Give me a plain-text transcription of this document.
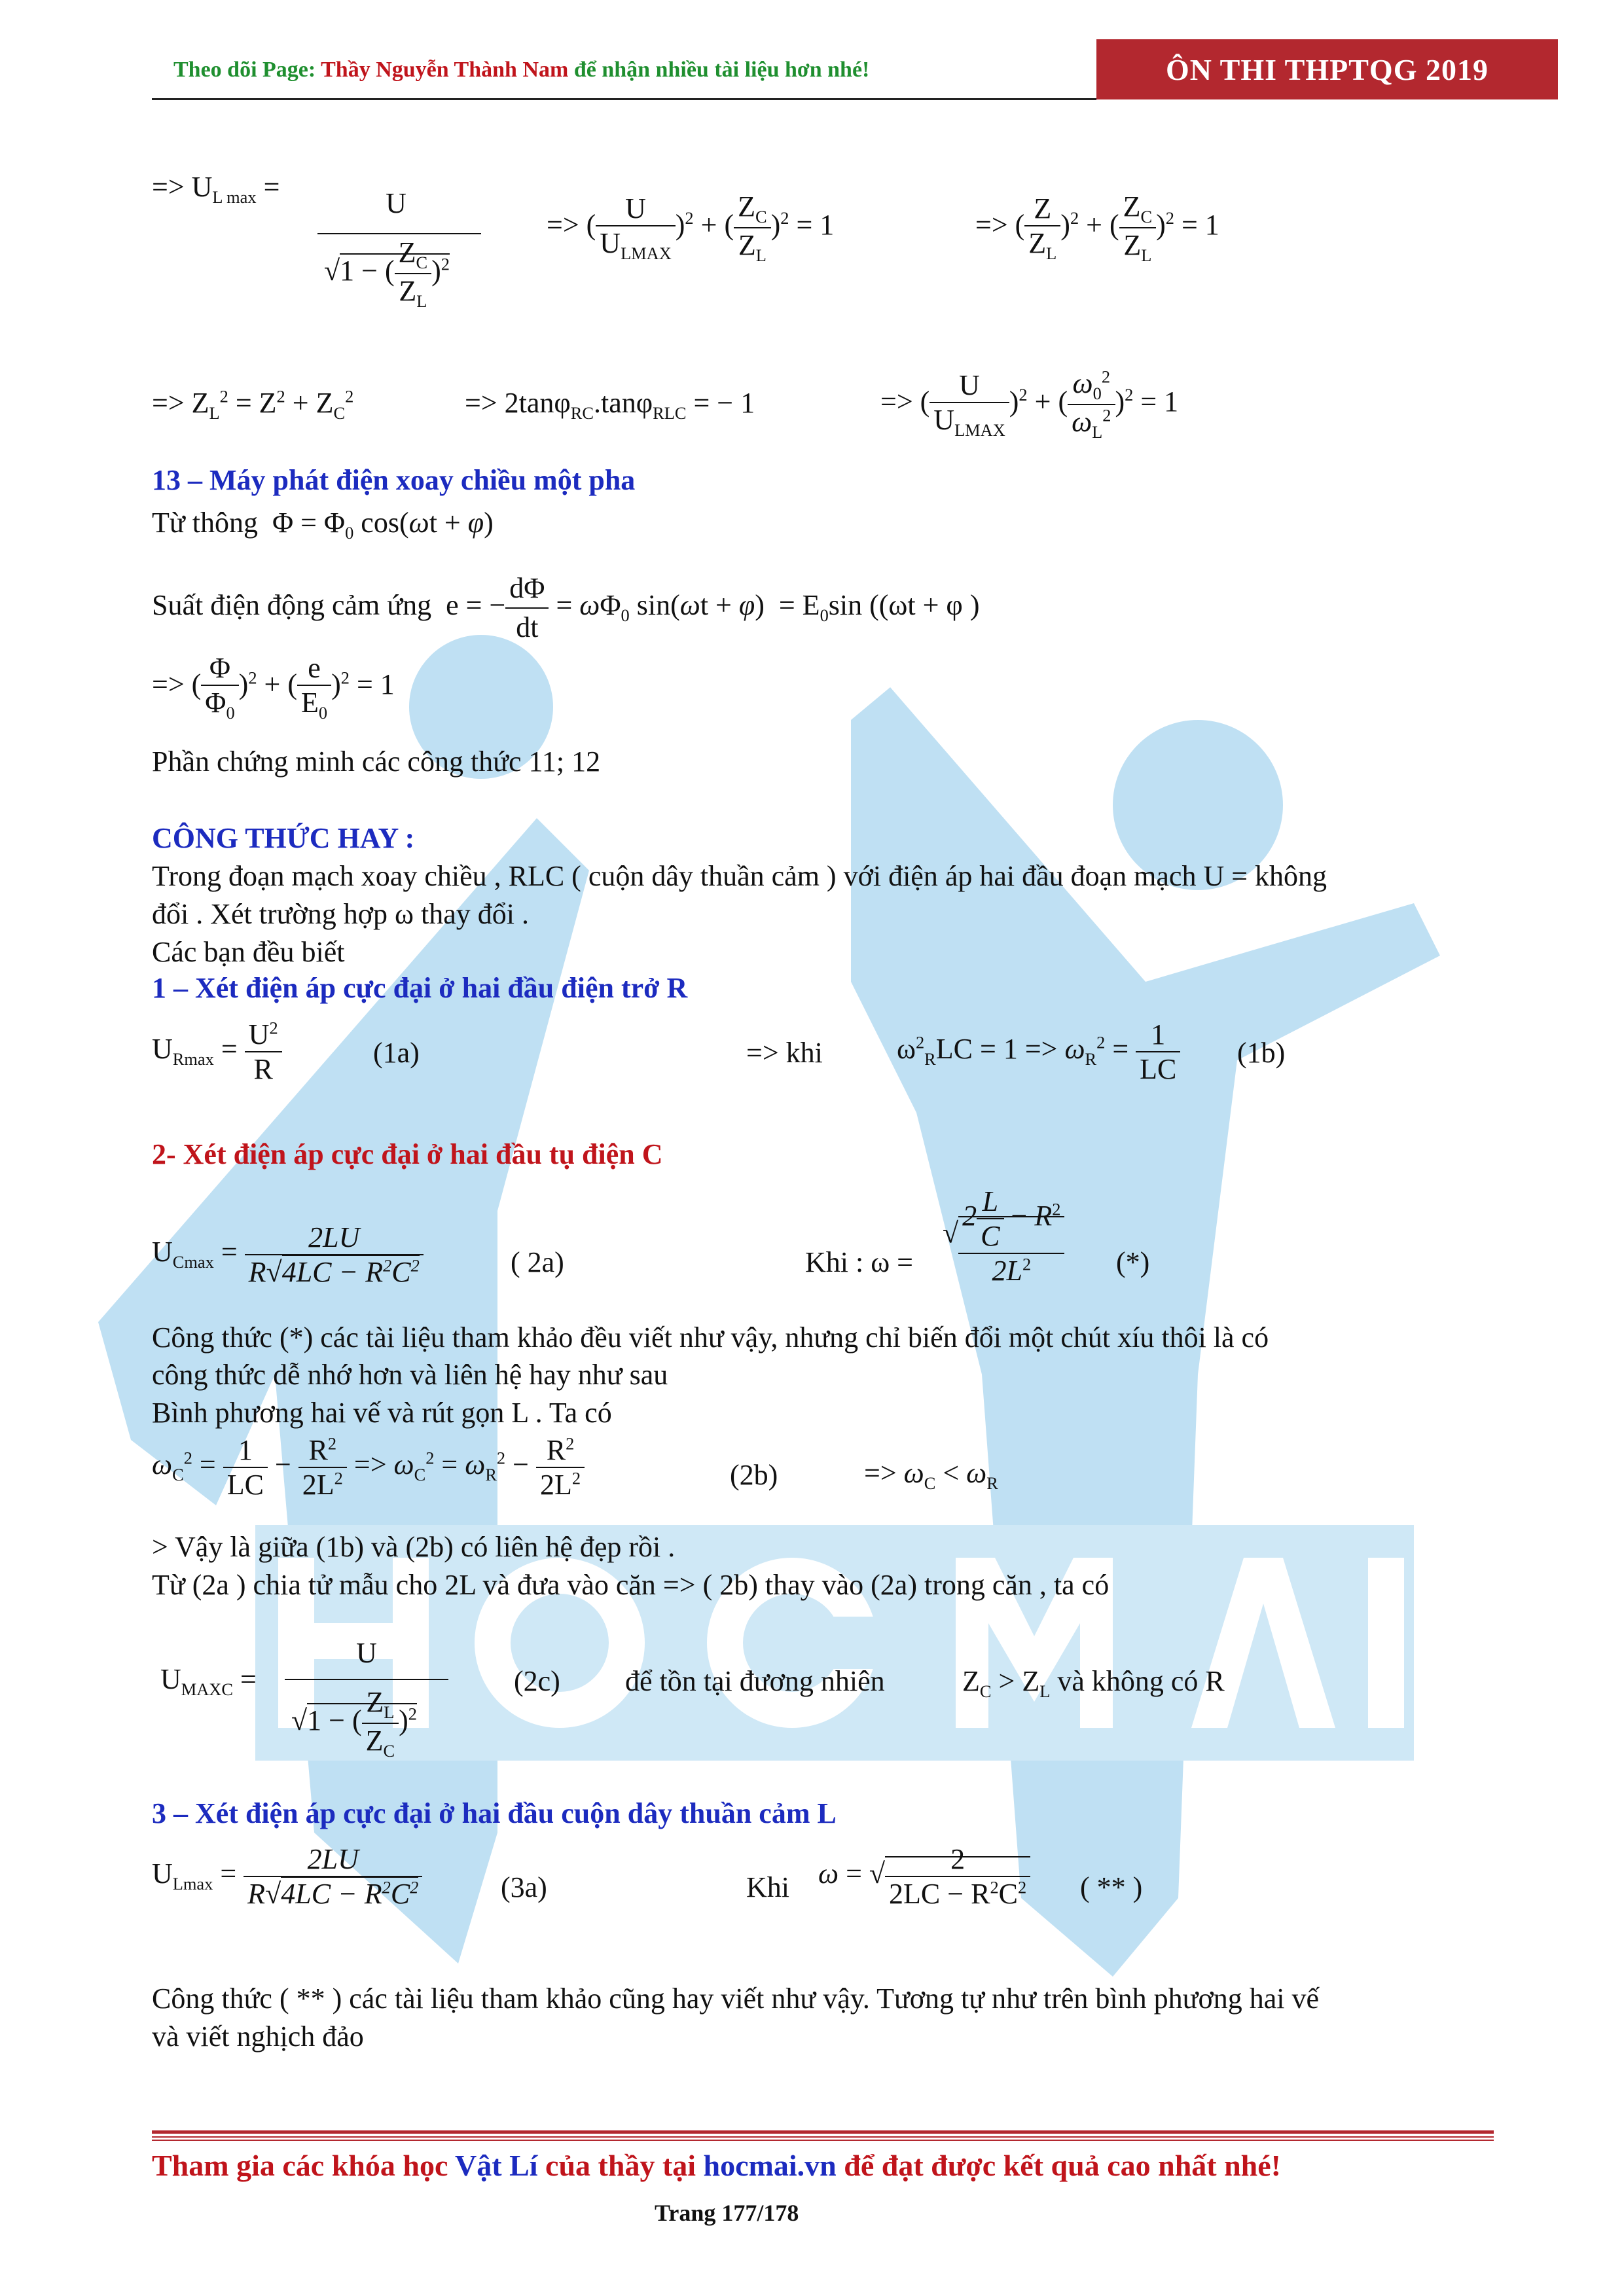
Theo dõi Page: Thầy Nguyễn Thành Nam để nhận nhiều tài liệu hơn nhé!	ÔN THI THPTQG 2019
=> $U_{L max}$ =
U
√1 − ( $\frac{Z_C}{Z_L} )^2$
=> ( $\frac{U}{U_{LMAX}} )^2$ + ( $\frac{Z_C}{Z_L} )^2 = 1$	=> ( $\frac{Z}{Z_L} )^2$ + ( $\frac{Z_C}{Z_L} )^2 = 1$
=> $Z_L^2 = Z^2 + Z_C^2$	=> 2tanφ$_{RC}$.tanφ$_{RLC}$ = − 1	=> ( $\frac{U}{U_{LMAX}} )^2$ + ( $\frac{\omega_0^2}{\omega_L^2} )^2 = 1$
13 – Máy phát điện xoay chiều một pha
Từ thông  $\Phi = \Phi_0$ cos(ωt + φ)
Suất điện động cảm ứng  e = − $\frac{d\Phi}{dt} = \omega\Phi_0$ $\sin(\omega t + \varphi) = E_0\sin$ ((ωt + φ )
=> ( $\frac{\Phi}{\Phi_0} )^2$ + ( $\frac{e}{E_0} )^2 = 1$
Phần chứng minh các công thức 11; 12
CÔNG THỨC HAY :
Trong đoạn mạch xoay chiều , RLC ( cuộn dây thuần cảm ) với điện áp hai đầu đoạn mạch U = không
đổi . Xét trường hợp ω thay đổi .
Các bạn đều biết
1 – Xét điện áp cực đại ở hai đầu điện trở R
$U_{Rmax} = \frac{U^2}{R}$	(1a)	=> khi	$\omega^2_RLC = 1 => \omega_R^2 = \frac{1}{LC} (1b)$
2- Xét điện áp cực đại ở hai đầu tụ điện C
$U_{Cmax} = \frac{2LU}{R√4LC - R^2C^2}$	( 2a)	Khi : ω =
√ $\frac{2 \frac{L}{C} - R^2}{2L^2}$ (*)
Công thức (*) các tài liệu tham khảo đều viết như vậy, nhưng chỉ biến đổi một chút xíu thôi là có
công thức dễ nhớ hơn và liên hệ hay như sau
Bình phương hai vế và rút gọn L . Ta có
$\omega_C^2 = \frac{1}{LC} - \frac{R^2}{2L^2} => \omega_C^2 = \omega_R^2 - \frac{R^2}{2L^2}$	(2b)	=> $\omega_C < \omega_R$
> Vậy là giữa (1b) và (2b) có liên hệ đẹp rồi .
Từ (2a ) chia tử mẫu cho 2L và đưa vào căn => ( 2b) thay vào (2a) trong căn , ta có
$U_{MAXC}$ =
U
√1 − ( $\frac{Z_L}{Z_C} )^2$
(2c) để tồn tại đương nhiên	$Z_C > Z_L$ và không có R
3 – Xét điện áp cực đại ở hai đầu cuộn dây thuần cảm L
$U_{Lmax} = \frac{2LU}{R√4LC - R^2C^2}$	(3a)	Khi ω = √ $\frac{2}{2LC - R^2C^2}$ ( ** )
Công thức ( ** ) các tài liệu tham khảo cũng hay viết như vậy. Tương tự như trên bình phương hai vế
và viết nghịch đảo
Tham gia các khóa học Vật Lí của thầy tại hocmai.vn để đạt được kết quả cao nhất nhé!
Trang 177/178
